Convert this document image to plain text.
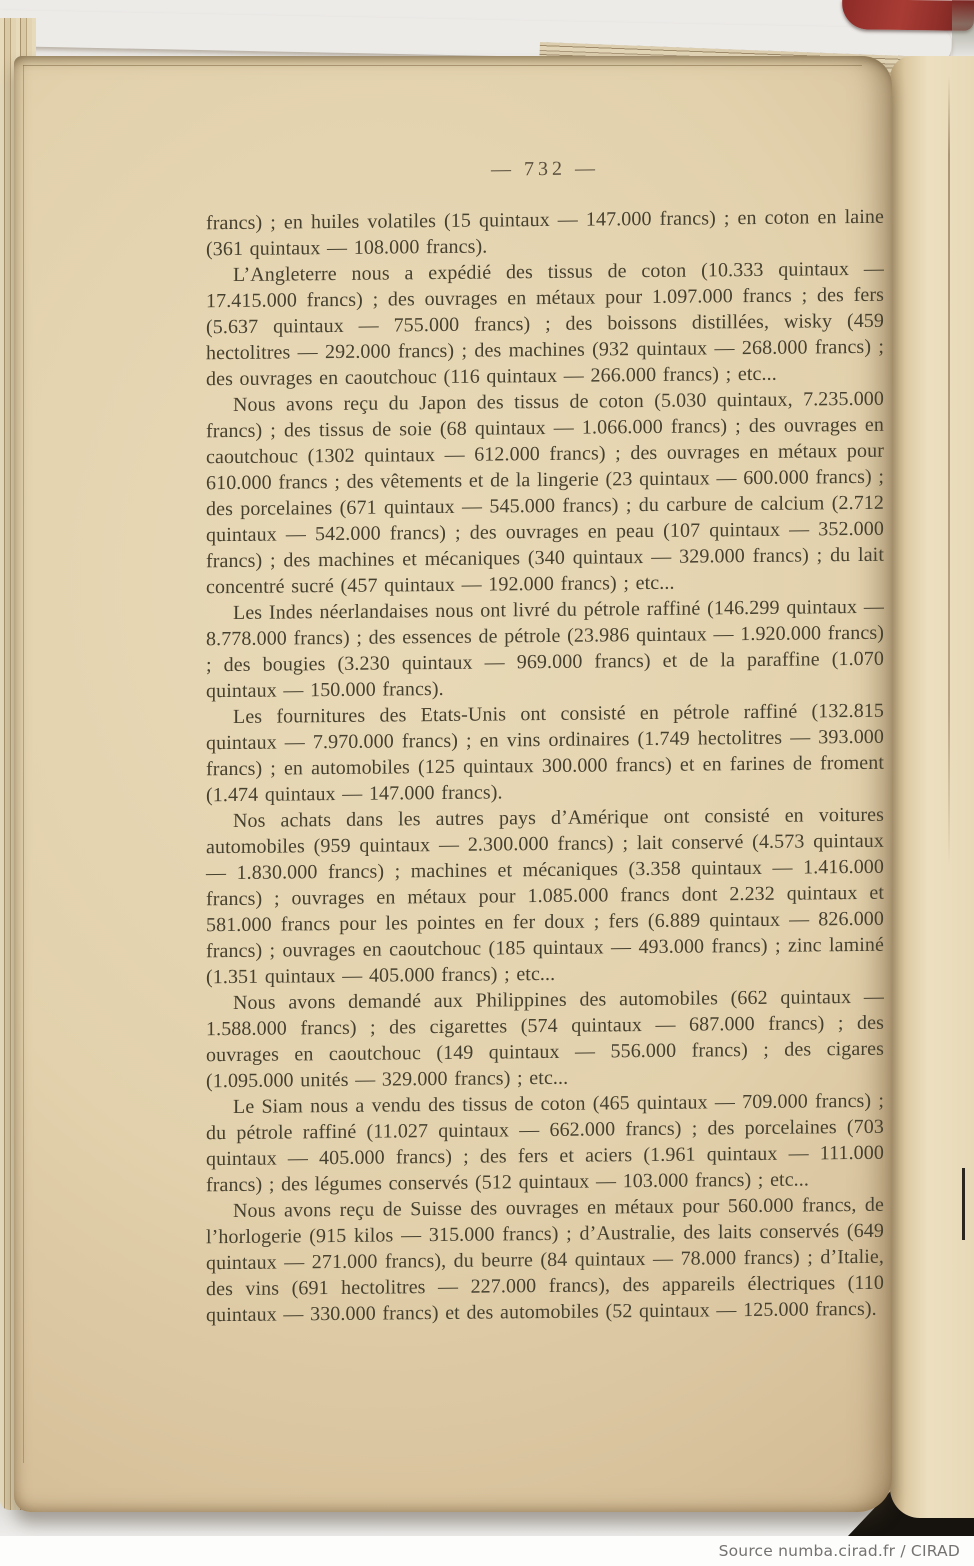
— 732 —

francs) ; en huiles volatiles (15 quintaux — 147.000 francs) ; en coton en laine (361 quintaux — 108.000 francs).

L’Angleterre nous a expédié des tissus de coton (10.333 quintaux — 17.415.000 francs) ; des ouvrages en métaux pour 1.097.000 francs ; des fers (5.637 quintaux — 755.000 francs) ; des boissons distillées, wisky (459 hectolitres — 292.000 francs) ; des machines (932 quintaux — 268.000 francs) ; des ouvrages en caoutchouc (116 quintaux — 266.000 francs) ; etc...

Nous avons reçu du Japon des tissus de coton (5.030 quintaux, 7.235.000 francs) ; des tissus de soie (68 quintaux — 1.066.000 francs) ; des ouvrages en caoutchouc (1302 quintaux — 612.000 francs) ; des ouvrages en métaux pour 610.000 francs ; des vêtements et de la lingerie (23 quintaux — 600.000 francs) ; des porcelaines (671 quintaux — 545.000 francs) ; du carbure de calcium (2.712 quintaux — 542.000 francs) ; des ouvrages en peau (107 quintaux — 352.000 francs) ; des machines et mécaniques (340 quintaux — 329.000 francs) ; du lait concentré sucré (457 quintaux — 192.000 francs) ; etc...

Les Indes néerlandaises nous ont livré du pétrole raffiné (146.299 quintaux — 8.778.000 francs) ; des essences de pétrole (23.986 quintaux — 1.920.000 francs) ; des bougies (3.230 quintaux — 969.000 francs) et de la paraffine (1.070 quintaux — 150.000 francs).

Les fournitures des Etats-Unis ont consisté en pétrole raffiné (132.815 quintaux — 7.970.000 francs) ; en vins ordinaires (1.749 hectolitres — 393.000 francs) ; en automobiles (125 quintaux 300.000 francs) et en farines de froment (1.474 quintaux — 147.000 francs).

Nos achats dans les autres pays d’Amérique ont consisté en voitures automobiles (959 quintaux — 2.300.000 francs) ; lait conservé (4.573 quintaux — 1.830.000 francs) ; machines et mécaniques (3.358 quintaux — 1.416.000 francs) ; ouvrages en métaux pour 1.085.000 francs dont 2.232 quintaux et 581.000 francs pour les pointes en fer doux ; fers (6.889 quintaux — 826.000 francs) ; ouvrages en caoutchouc (185 quintaux — 493.000 francs) ; zinc laminé (1.351 quintaux — 405.000 francs) ; etc...

Nous avons demandé aux Philippines des automobiles (662 quintaux — 1.588.000 francs) ; des cigarettes (574 quintaux — 687.000 francs) ; des ouvrages en caoutchouc (149 quintaux — 556.000 francs) ; des cigares (1.095.000 unités — 329.000 francs) ; etc...

Le Siam nous a vendu des tissus de coton (465 quintaux — 709.000 francs) ; du pétrole raffiné (11.027 quintaux — 662.000 francs) ; des porcelaines (703 quintaux — 405.000 francs) ; des fers et aciers (1.961 quintaux — 111.000 francs) ; des légumes conservés (512 quintaux — 103.000 francs) ; etc...

Nous avons reçu de Suisse des ouvrages en métaux pour 560.000 francs, de l’horlogerie (915 kilos — 315.000 francs) ; d’Australie, des laits conservés (649 quintaux — 271.000 francs), du beurre (84 quintaux — 78.000 francs) ; d’Italie, des vins (691 hectolitres — 227.000 francs), des appareils électriques (110 quintaux — 330.000 francs) et des automobiles (52 quintaux — 125.000 francs).

Source numba.cirad.fr / CIRAD
